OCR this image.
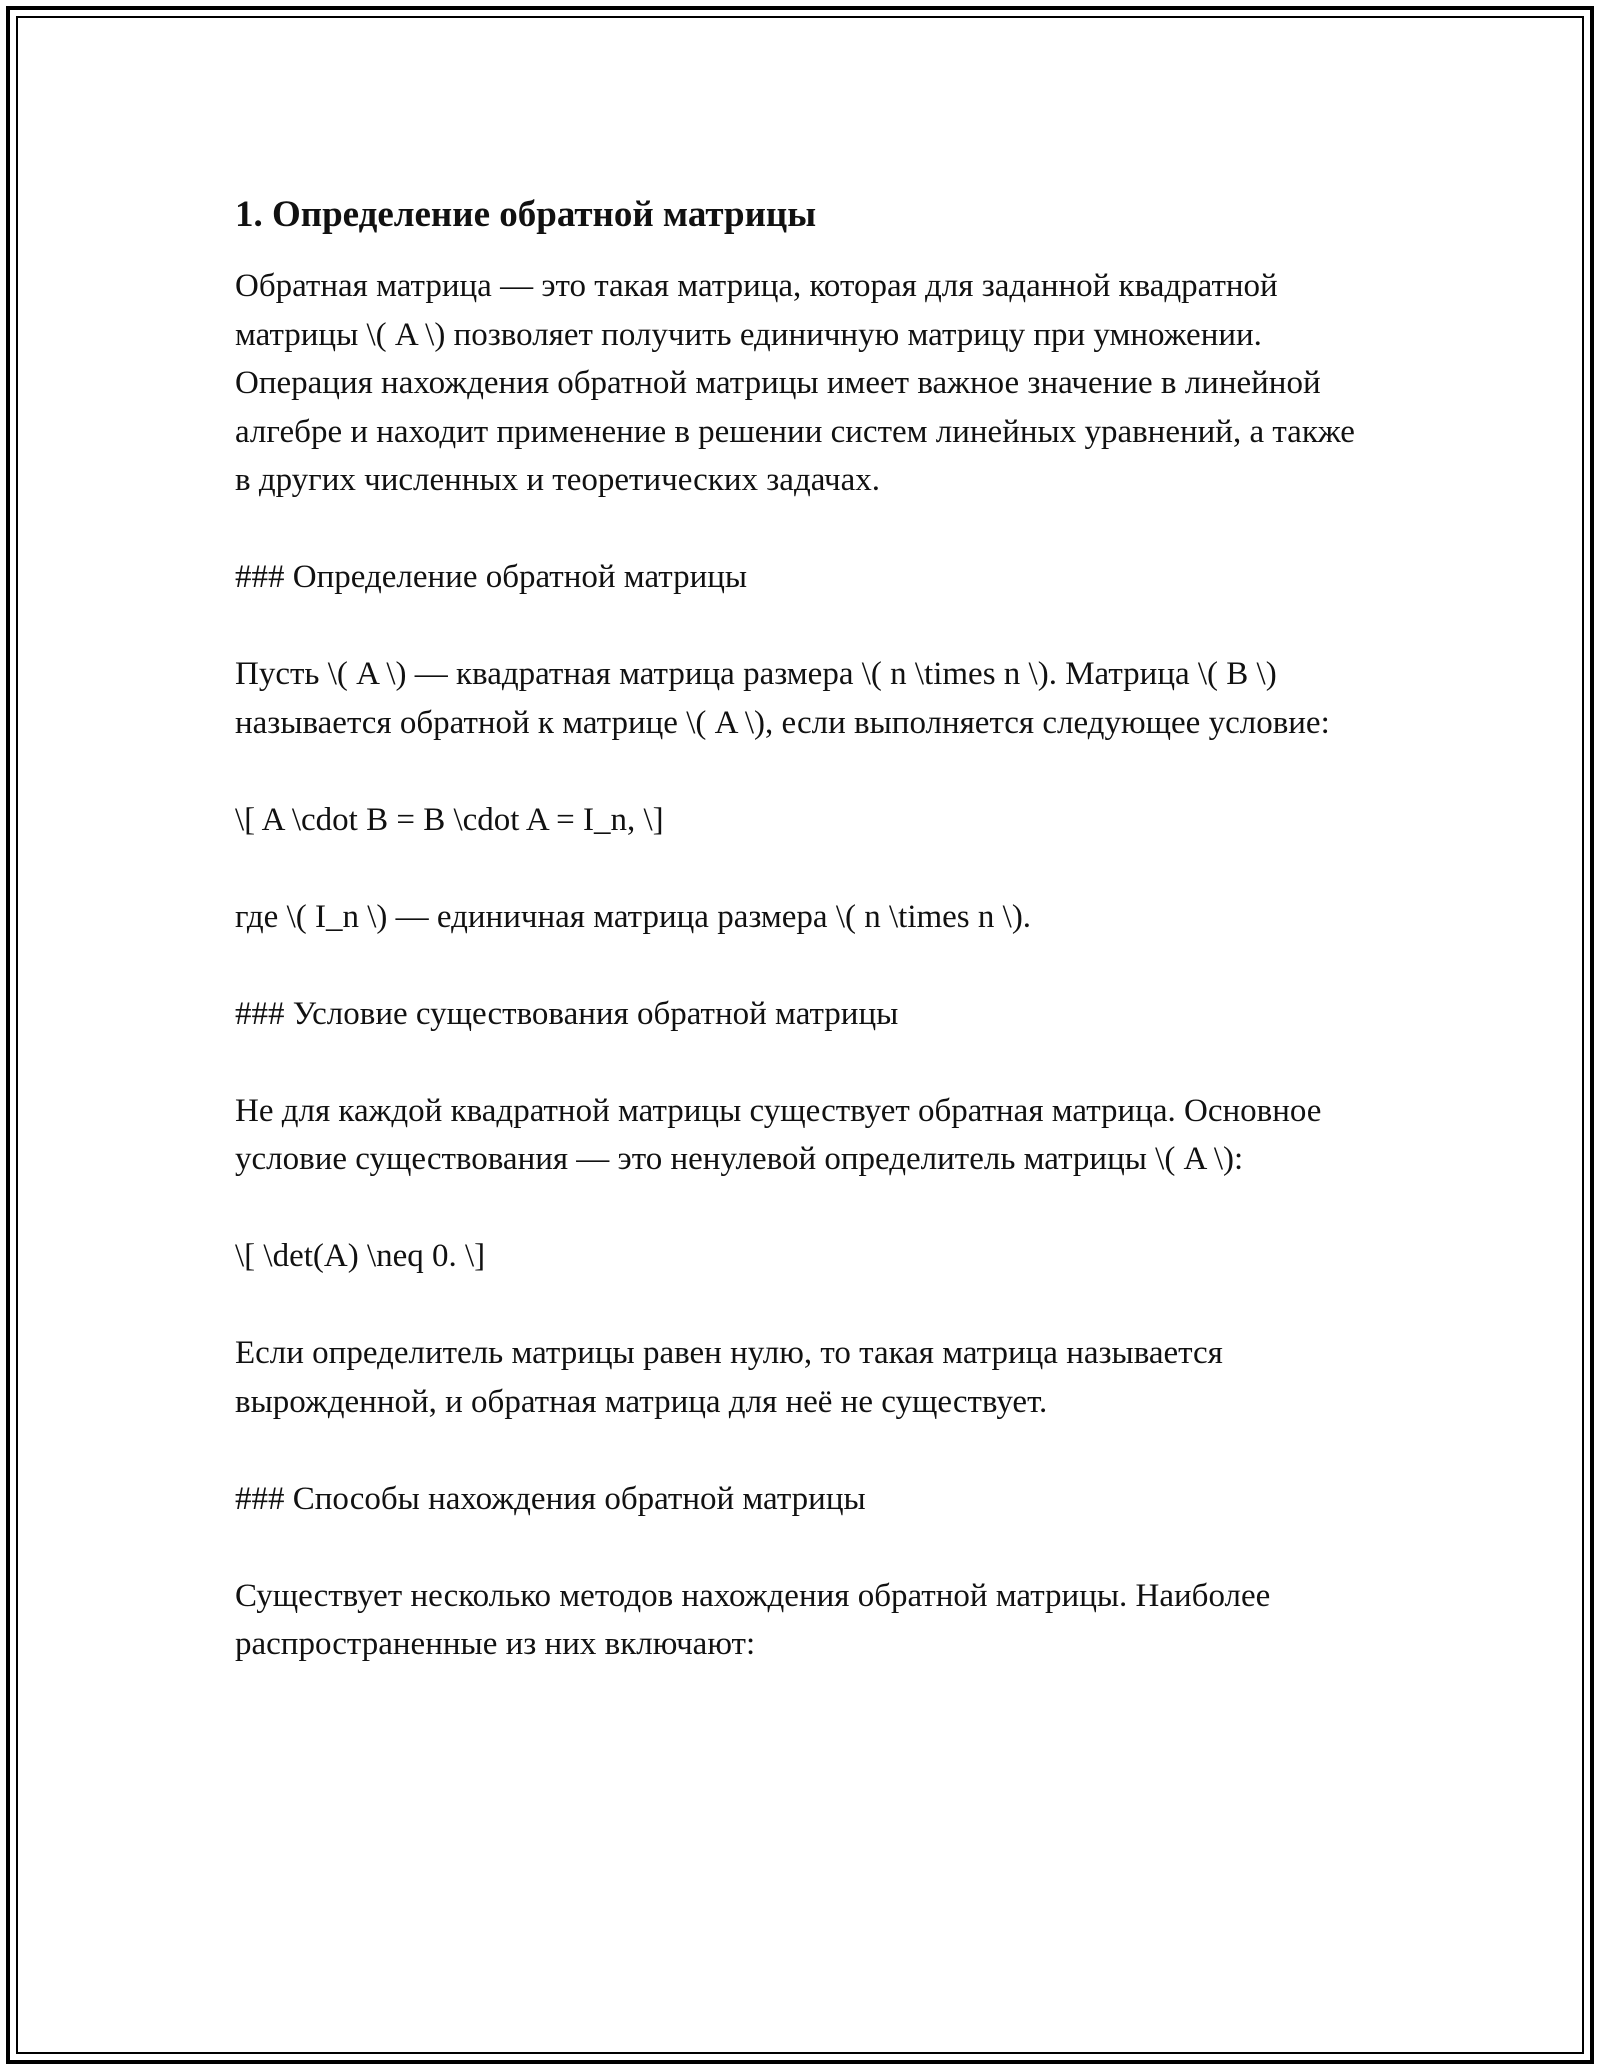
1. Определение обратной матрицы

Обратная матрица — это такая матрица, которая для заданной квадратной матрицы \( A \) позволяет получить единичную матрицу при умножении. Операция нахождения обратной матрицы имеет важное значение в линейной алгебре и находит применение в решении систем линейных уравнений, а также в других численных и теоретических задачах.

### Определение обратной матрицы

Пусть \( A \) — квадратная матрица размера \( n \times n \). Матрица \( B \) называется обратной к матрице \( A \), если выполняется следующее условие:

\[ A \cdot B = B \cdot A = I_n, \]

где \( I_n \) — единичная матрица размера \( n \times n \).

### Условие существования обратной матрицы

Не для каждой квадратной матрицы существует обратная матрица. Основное условие существования — это ненулевой определитель матрицы \( A \):

\[ \det(A) \neq 0. \]

Если определитель матрицы равен нулю, то такая матрица называется вырожденной, и обратная матрица для неё не существует.

### Способы нахождения обратной матрицы

Существует несколько методов нахождения обратной матрицы. Наиболее распространенные из них включают:
